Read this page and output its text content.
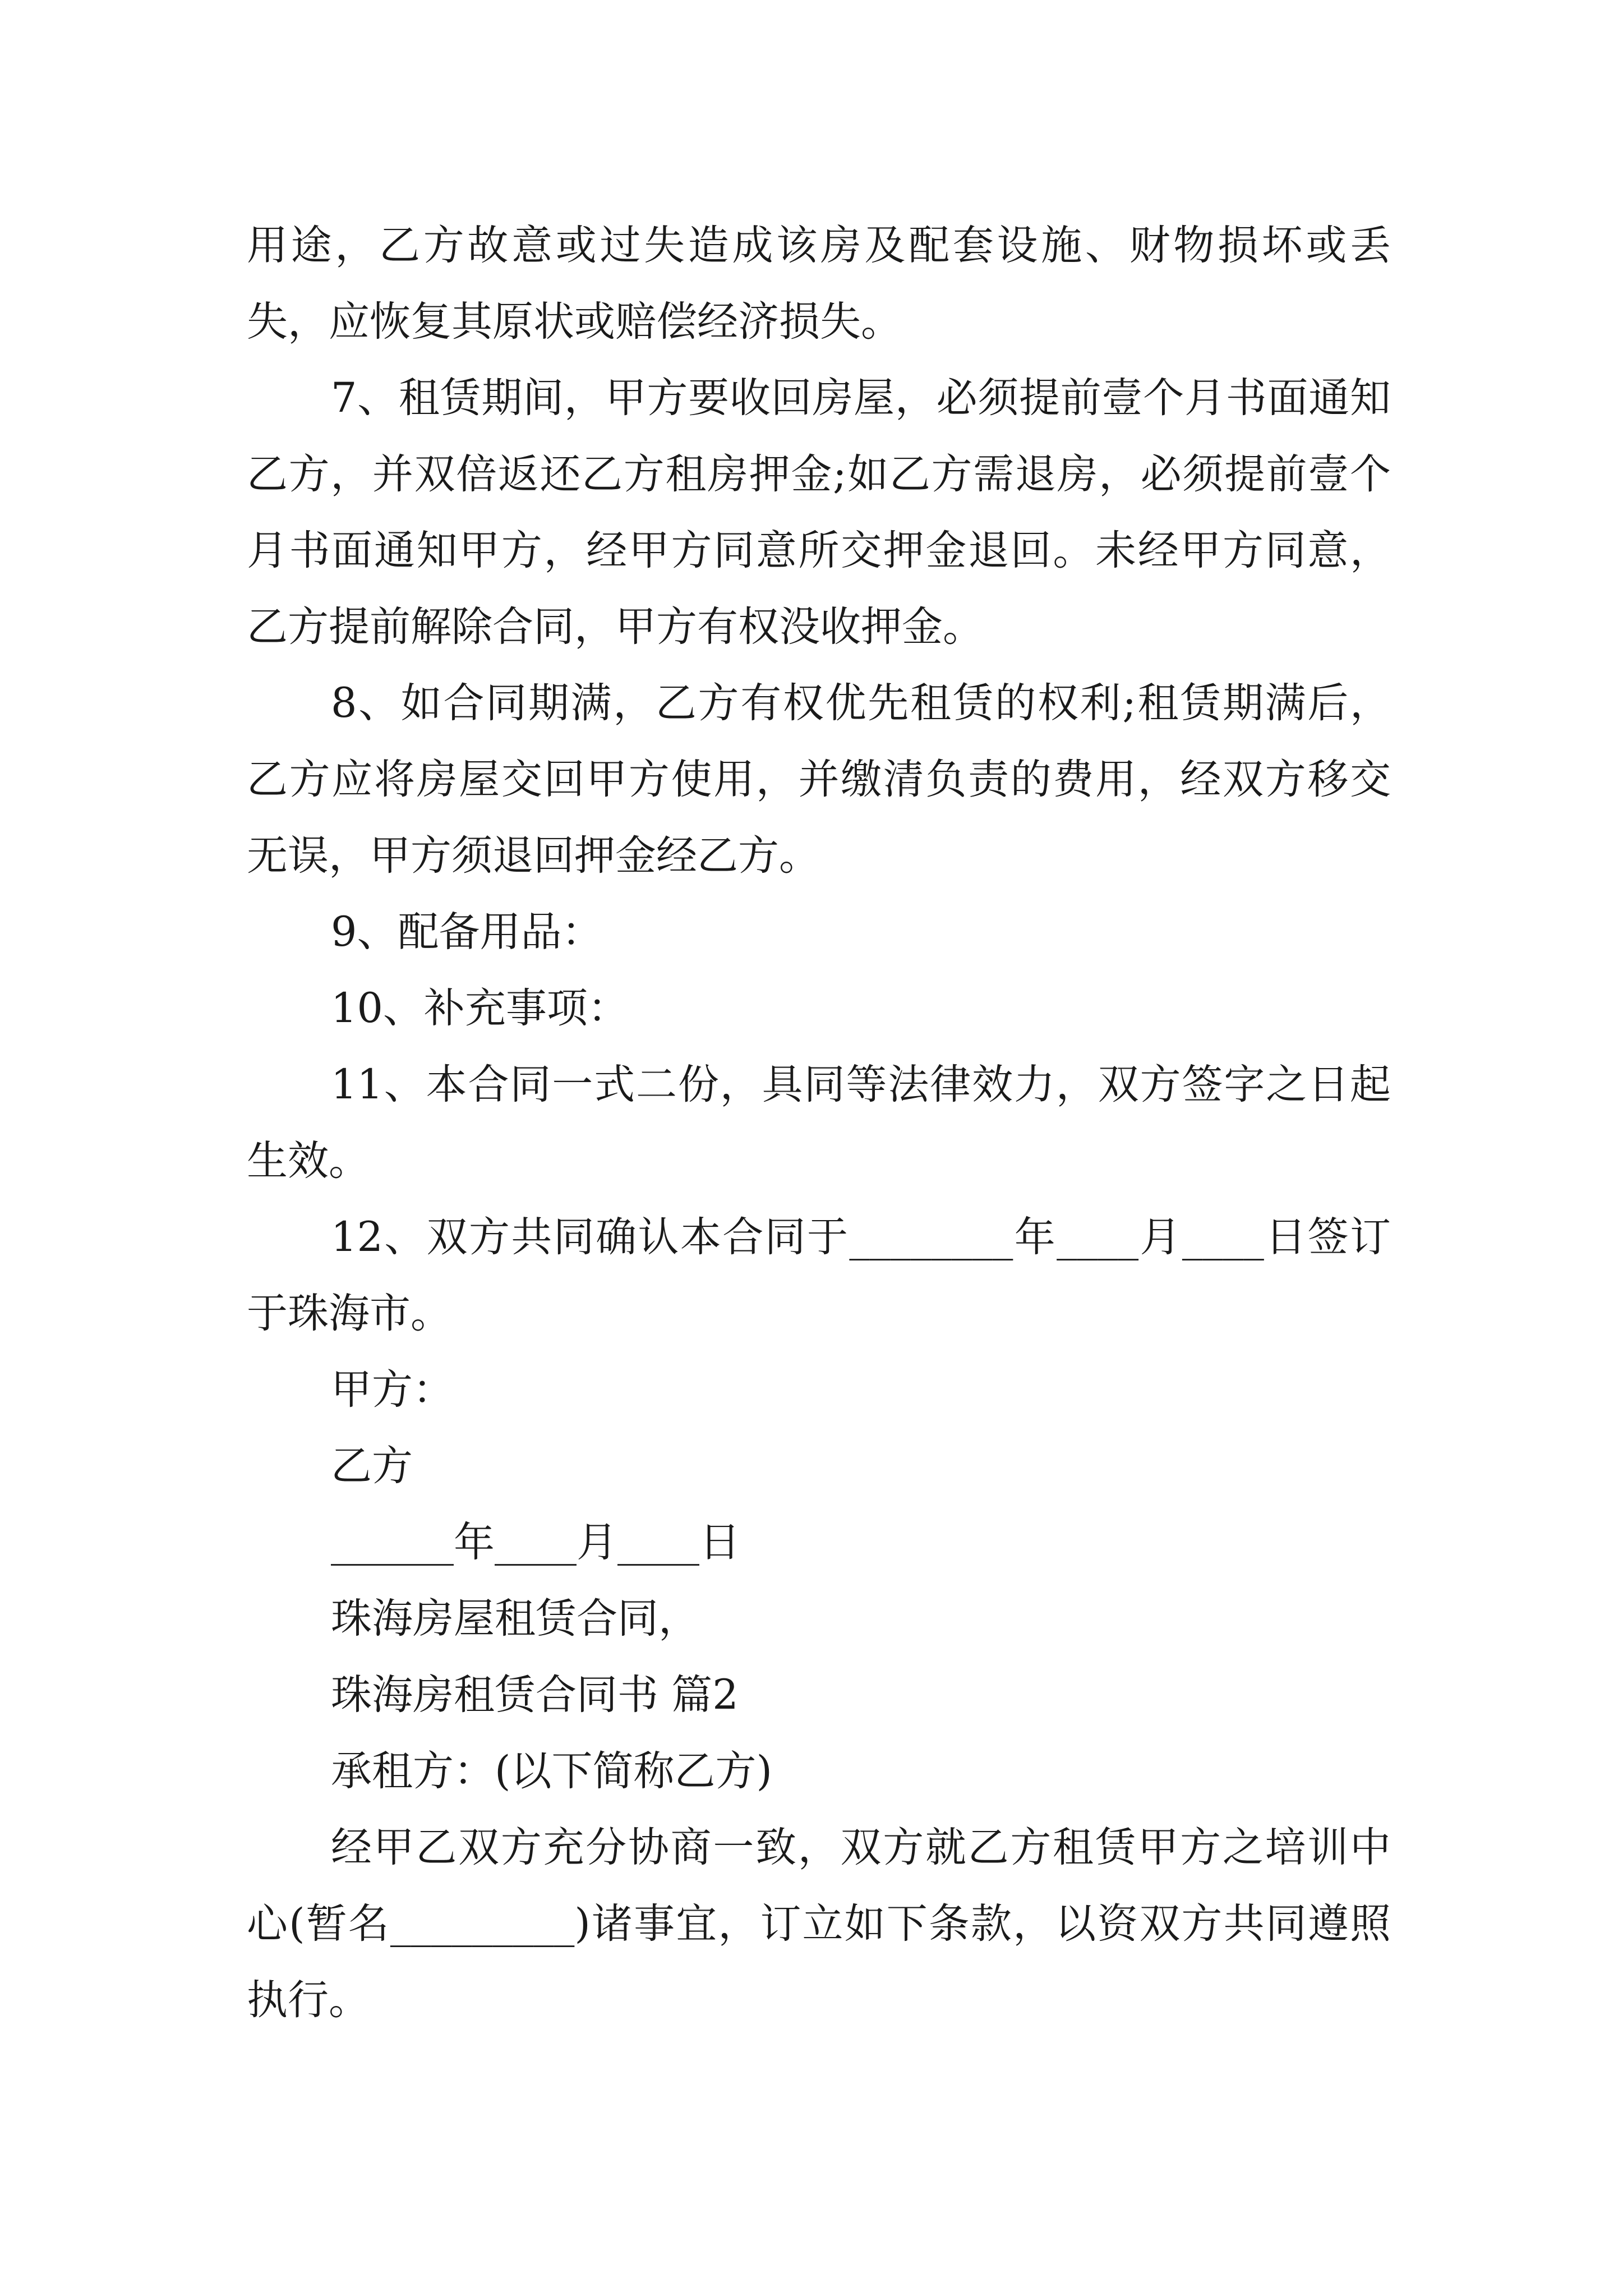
用途，乙方故意或过失造成该房及配套设施、财物损坏或丢失，应恢复其原状或赔偿经济损失。

7、租赁期间，甲方要收回房屋，必须提前壹个月书面通知乙方，并双倍返还乙方租房押金;如乙方需退房，必须提前壹个月书面通知甲方，经甲方同意所交押金退回。未经甲方同意，乙方提前解除合同，甲方有权没收押金。

8、如合同期满，乙方有权优先租赁的权利;租赁期满后，乙方应将房屋交回甲方使用，并缴清负责的费用，经双方移交无误，甲方须退回押金经乙方。

9、配备用品：

10、补充事项：

11、本合同一式二份，具同等法律效力，双方签字之日起生效。

12、双方共同确认本合同于________年____月____日签订于珠海市。

甲方：

乙方

______年____月____日

珠海房屋租赁合同，

珠海房租赁合同书 篇2

承租方：(以下简称乙方)

经甲乙双方充分协商一致，双方就乙方租赁甲方之培训中心(暂名_________)诸事宜，订立如下条款，以资双方共同遵照执行。
